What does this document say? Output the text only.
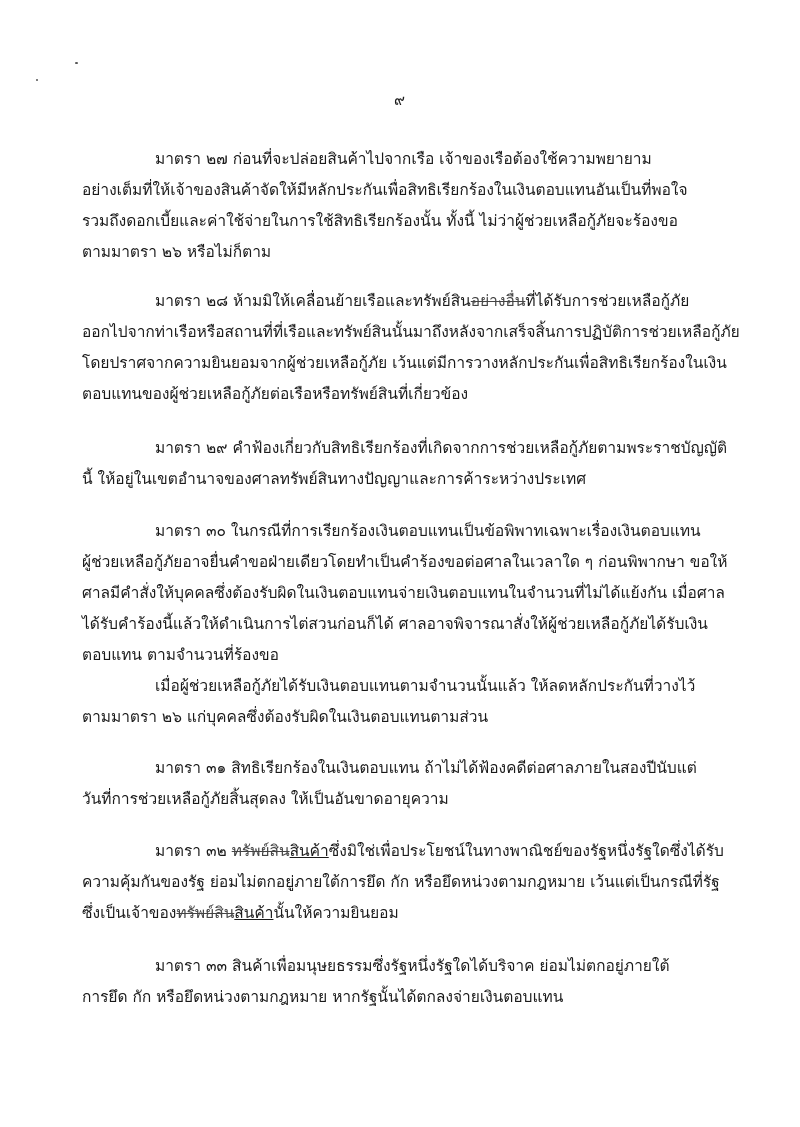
๙
มาตรา ๒๗ ก่อนที่จะปล่อยสินค้าไปจากเรือ เจ้าของเรือต้องใช้ความพยายาม
อย่างเต็มที่ให้เจ้าของสินค้าจัดให้มีหลักประกันเพื่อสิทธิเรียกร้องในเงินตอบแทนอันเป็นที่พอใจ
รวมถึงดอกเบี้ยและค่าใช้จ่ายในการใช้สิทธิเรียกร้องนั้น ทั้งนี้ ไม่ว่าผู้ช่วยเหลือกู้ภัยจะร้องขอ
ตามมาตรา ๒๖ หรือไม่ก็ตาม
มาตรา ๒๘ ห้ามมิให้เคลื่อนย้ายเรือและทรัพย์สินอย่างอื่นที่ได้รับการช่วยเหลือกู้ภัย
ออกไปจากท่าเรือหรือสถานที่ที่เรือและทรัพย์สินนั้นมาถึงหลังจากเสร็จสิ้นการปฏิบัติการช่วยเหลือกู้ภัย
โดยปราศจากความยินยอมจากผู้ช่วยเหลือกู้ภัย เว้นแต่มีการวางหลักประกันเพื่อสิทธิเรียกร้องในเงิน
ตอบแทนของผู้ช่วยเหลือกู้ภัยต่อเรือหรือทรัพย์สินที่เกี่ยวข้อง
มาตรา ๒๙ คำฟ้องเกี่ยวกับสิทธิเรียกร้องที่เกิดจากการช่วยเหลือกู้ภัยตามพระราชบัญญัติ
นี้ ให้อยู่ในเขตอำนาจของศาลทรัพย์สินทางปัญญาและการค้าระหว่างประเทศ
มาตรา ๓๐ ในกรณีที่การเรียกร้องเงินตอบแทนเป็นข้อพิพาทเฉพาะเรื่องเงินตอบแทน
ผู้ช่วยเหลือกู้ภัยอาจยื่นคำขอฝ่ายเดียวโดยทำเป็นคำร้องขอต่อศาลในเวลาใด ๆ ก่อนพิพากษา ขอให้
ศาลมีคำสั่งให้บุคคลซึ่งต้องรับผิดในเงินตอบแทนจ่ายเงินตอบแทนในจำนวนที่ไม่ได้แย้งกัน เมื่อศาล
ได้รับคำร้องนี้แล้วให้ดำเนินการไต่สวนก่อนก็ได้ ศาลอาจพิจารณาสั่งให้ผู้ช่วยเหลือกู้ภัยได้รับเงิน
ตอบแทน ตามจำนวนที่ร้องขอ
เมื่อผู้ช่วยเหลือกู้ภัยได้รับเงินตอบแทนตามจำนวนนั้นแล้ว ให้ลดหลักประกันที่วางไว้
ตามมาตรา ๒๖ แก่บุคคลซึ่งต้องรับผิดในเงินตอบแทนตามส่วน
มาตรา ๓๑ สิทธิเรียกร้องในเงินตอบแทน ถ้าไม่ได้ฟ้องคดีต่อศาลภายในสองปีนับแต่
วันที่การช่วยเหลือกู้ภัยสิ้นสุดลง ให้เป็นอันขาดอายุความ
มาตรา ๓๒ ทรัพย์สินสินค้าซึ่งมิใช่เพื่อประโยชน์ในทางพาณิชย์ของรัฐหนึ่งรัฐใดซึ่งได้รับ
ความคุ้มกันของรัฐ ย่อมไม่ตกอยู่ภายใต้การยึด กัก หรือยึดหน่วงตามกฎหมาย เว้นแต่เป็นกรณีที่รัฐ
ซึ่งเป็นเจ้าของทรัพย์สินสินค้านั้นให้ความยินยอม
มาตรา ๓๓ สินค้าเพื่อมนุษยธรรมซึ่งรัฐหนึ่งรัฐใดได้บริจาค ย่อมไม่ตกอยู่ภายใต้
การยึด กัก หรือยึดหน่วงตามกฎหมาย หากรัฐนั้นได้ตกลงจ่ายเงินตอบแทน
